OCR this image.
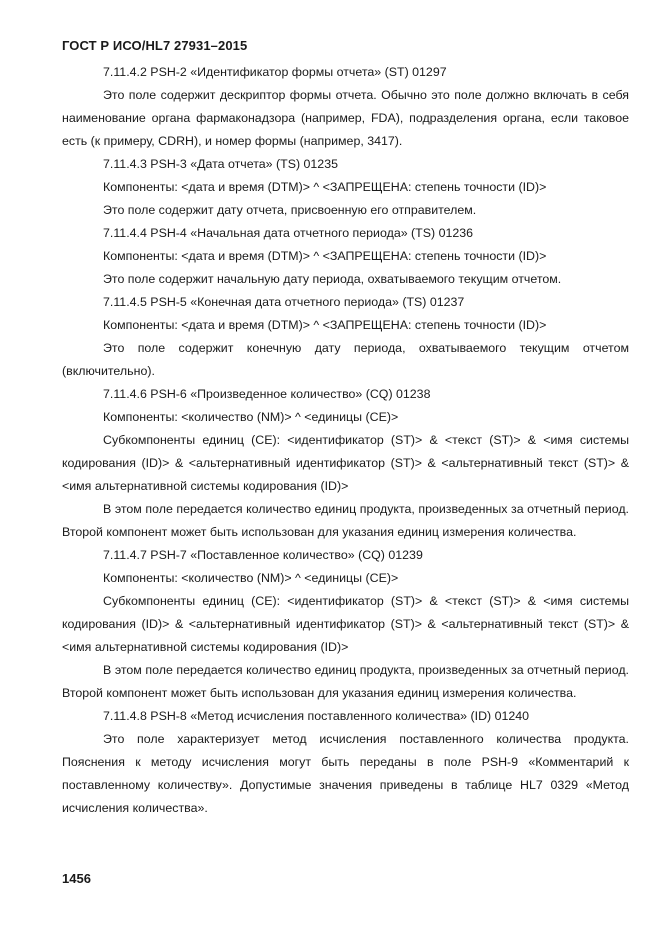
ГОСТ Р ИСО/HL7 27931–2015

7.11.4.2 PSH-2 «Идентификатор формы отчета» (ST) 01297

Это поле содержит дескриптор формы отчета. Обычно это поле должно включать в себя наименование органа фармаконадзора (например, FDA), подразделения органа, если таковое есть (к примеру, CDRH), и номер формы (например, 3417).

7.11.4.3 PSH-3 «Дата отчета» (TS) 01235

Компоненты: <дата и время (DTM)> ^ <ЗАПРЕЩЕНА: степень точности (ID)>

Это поле содержит дату отчета, присвоенную его отправителем.

7.11.4.4 PSH-4 «Начальная дата отчетного периода» (TS) 01236

Компоненты: <дата и время (DTM)> ^ <ЗАПРЕЩЕНА: степень точности (ID)>

Это поле содержит начальную дату периода, охватываемого текущим отчетом.

7.11.4.5 PSH-5 «Конечная дата отчетного периода» (TS) 01237

Компоненты: <дата и время (DTM)> ^ <ЗАПРЕЩЕНА: степень точности (ID)>

Это поле содержит конечную дату периода, охватываемого текущим отчетом (включительно).

7.11.4.6 PSH-6 «Произведенное количество» (CQ) 01238

Компоненты: <количество (NM)> ^ <единицы (CE)>

Субкомпоненты единиц (CE): <идентификатор (ST)> & <текст (ST)> & <имя системы кодирования (ID)> & <альтернативный идентификатор (ST)> & <альтернативный текст (ST)> & <имя альтернативной системы кодирования (ID)>

В этом поле передается количество единиц продукта, произведенных за отчетный период. Второй компонент может быть использован для указания единиц измерения количества.

7.11.4.7 PSH-7 «Поставленное количество» (CQ) 01239

Компоненты: <количество (NM)> ^ <единицы (CE)>

Субкомпоненты единиц (CE): <идентификатор (ST)> & <текст (ST)> & <имя системы кодирования (ID)> & <альтернативный идентификатор (ST)> & <альтернативный текст (ST)> & <имя альтернативной системы кодирования (ID)>

В этом поле передается количество единиц продукта, произведенных за отчетный период. Второй компонент может быть использован для указания единиц измерения количества.

7.11.4.8 PSH-8 «Метод исчисления поставленного количества» (ID) 01240

Это поле характеризует метод исчисления поставленного количества продукта. Пояснения к методу исчисления могут быть переданы в поле PSH-9 «Комментарий к поставленному количеству». Допустимые значения приведены в таблице HL7 0329 «Метод исчисления количества».

1456
